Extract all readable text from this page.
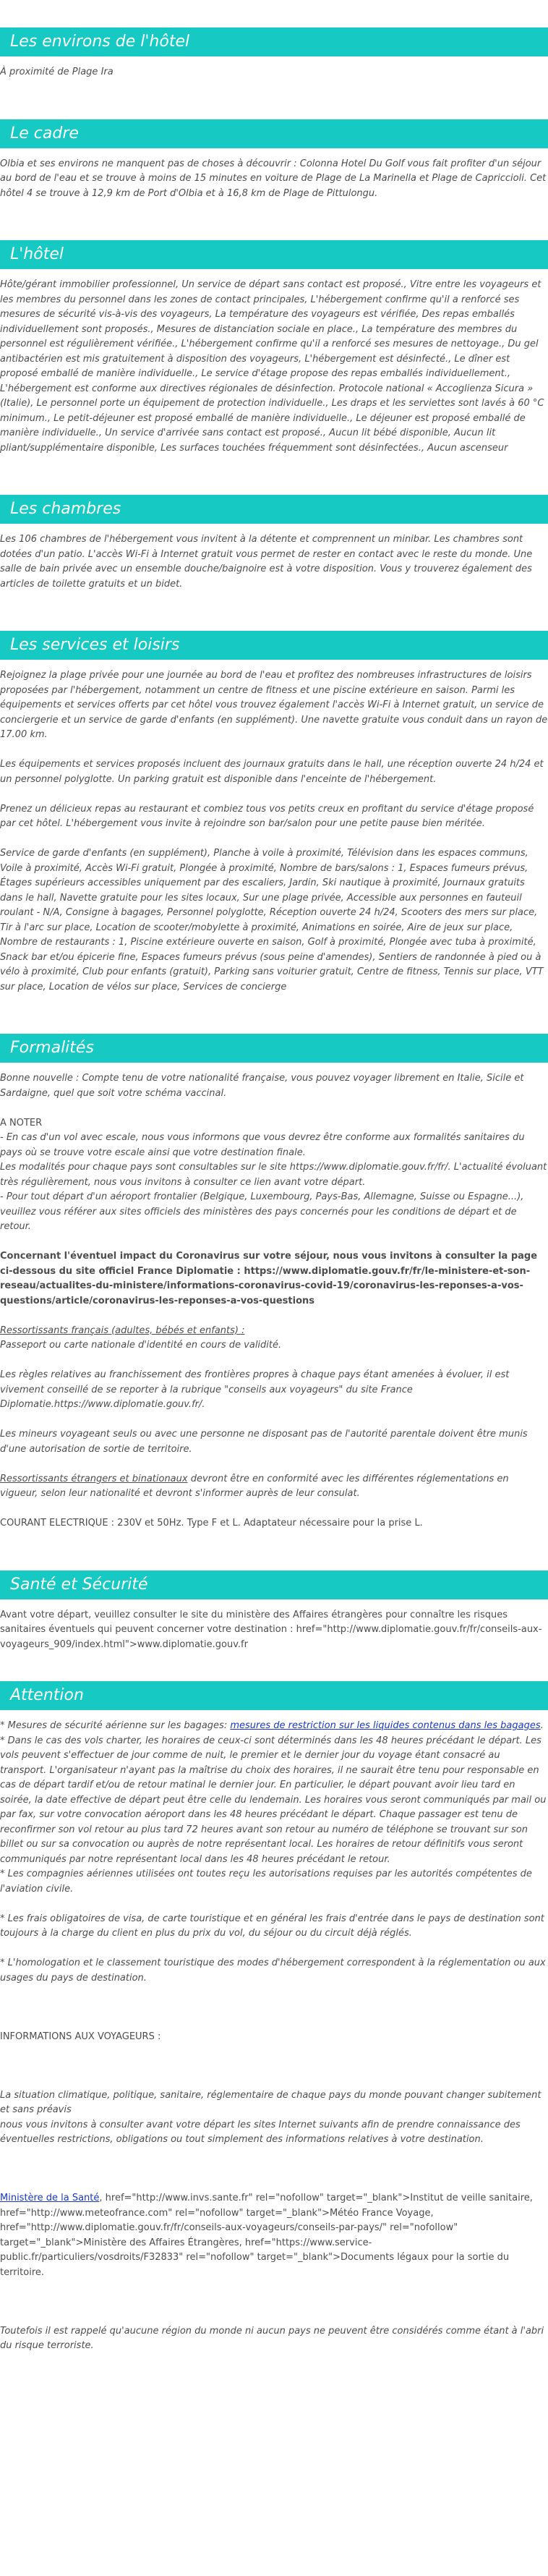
Les environs de l'hôtel

À proximité de Plage Ira

Le cadre

Olbia et ses environs ne manquent pas de choses à découvrir : Colonna Hotel Du Golf vous fait profiter d'un séjour au bord de l'eau et se trouve à moins de 15 minutes en voiture de Plage de La Marinella et Plage de Capriccioli. Cet hôtel 4 se trouve à 12,9 km de Port d'Olbia et à 16,8 km de Plage de Pittulongu.

L'hôtel

Hôte/gérant immobilier professionnel, Un service de départ sans contact est proposé., Vitre entre les voyageurs et les membres du personnel dans les zones de contact principales, L'hébergement confirme qu'il a renforcé ses mesures de sécurité vis-à-vis des voyageurs, La température des voyageurs est vérifiée, Des repas emballés individuellement sont proposés., Mesures de distanciation sociale en place., La température des membres du personnel est régulièrement vérifiée., L'hébergement confirme qu'il a renforcé ses mesures de nettoyage., Du gel antibactérien est mis gratuitement à disposition des voyageurs, L'hébergement est désinfecté., Le dîner est proposé emballé de manière individuelle., Le service d'étage propose des repas emballés individuellement., L'hébergement est conforme aux directives régionales de désinfection. Protocole national « Accoglienza Sicura » (Italie), Le personnel porte un équipement de protection individuelle., Les draps et les serviettes sont lavés à 60 °C minimum., Le petit-déjeuner est proposé emballé de manière individuelle., Le déjeuner est proposé emballé de manière individuelle., Un service d'arrivée sans contact est proposé., Aucun lit bébé disponible, Aucun lit pliant/supplémentaire disponible, Les surfaces touchées fréquemment sont désinfectées., Aucun ascenseur

Les chambres

Les 106 chambres de l'hébergement vous invitent à la détente et comprennent un minibar. Les chambres sont dotées d'un patio. L'accès Wi-Fi à Internet gratuit vous permet de rester en contact avec le reste du monde. Une salle de bain privée avec un ensemble douche/baignoire est à votre disposition. Vous y trouverez également des articles de toilette gratuits et un bidet.

Les services et loisirs

Rejoignez la plage privée pour une journée au bord de l'eau et profitez des nombreuses infrastructures de loisirs proposées par l'hébergement, notamment un centre de fitness et une piscine extérieure en saison. Parmi les équipements et services offerts par cet hôtel vous trouvez également l'accès Wi-Fi à Internet gratuit, un service de conciergerie et un service de garde d'enfants (en supplément). Une navette gratuite vous conduit dans un rayon de 17.00 km.

Les équipements et services proposés incluent des journaux gratuits dans le hall, une réception ouverte 24 h/24 et un personnel polyglotte. Un parking gratuit est disponible dans l'enceinte de l'hébergement.

Prenez un délicieux repas au restaurant et combiez tous vos petits creux en profitant du service d'étage proposé par cet hôtel. L'hébergement vous invite à rejoindre son bar/salon pour une petite pause bien méritée.

Service de garde d'enfants (en supplément), Planche à voile à proximité, Télévision dans les espaces communs, Voile à proximité, Accès Wi-Fi gratuit, Plongée à proximité, Nombre de bars/salons : 1, Espaces fumeurs prévus, Étages supérieurs accessibles uniquement par des escaliers, Jardin, Ski nautique à proximité, Journaux gratuits dans le hall, Navette gratuite pour les sites locaux, Sur une plage privée, Accessible aux personnes en fauteuil roulant - N/A, Consigne à bagages, Personnel polyglotte, Réception ouverte 24 h/24, Scooters des mers sur place, Tir à l'arc sur place, Location de scooter/mobylette à proximité, Animations en soirée, Aire de jeux sur place, Nombre de restaurants : 1, Piscine extérieure ouverte en saison, Golf à proximité, Plongée avec tuba à proximité, Snack bar et/ou épicerie fine, Espaces fumeurs prévus (sous peine d'amendes), Sentiers de randonnée à pied ou à vélo à proximité, Club pour enfants (gratuit), Parking sans voiturier gratuit, Centre de fitness, Tennis sur place, VTT sur place, Location de vélos sur place, Services de concierge

Formalités

Bonne nouvelle : Compte tenu de votre nationalité française, vous pouvez voyager librement en Italie, Sicile et Sardaigne, quel que soit votre schéma vaccinal.

A NOTER

- En cas d'un vol avec escale, nous vous informons que vous devrez être conforme aux formalités sanitaires du pays où se trouve votre escale ainsi que votre destination finale.

Les modalités pour chaque pays sont consultables sur le site https://www.diplomatie.gouv.fr/fr/. L'actualité évoluant très régulièrement, nous vous invitons à consulter ce lien avant votre départ.

- Pour tout départ d'un aéroport frontalier (Belgique, Luxembourg, Pays-Bas, Allemagne, Suisse ou Espagne...), veuillez vous référer aux sites officiels des ministères des pays concernés pour les conditions de départ et de retour.

Concernant l'éventuel impact du Coronavirus sur votre séjour, nous vous invitons à consulter la page ci-dessous du site officiel France Diplomatie : https://www.diplomatie.gouv.fr/fr/le-ministere-et-son-reseau/actualites-du-ministere/informations-coronavirus-covid-19/coronavirus-les-reponses-a-vos-questions/article/coronavirus-les-reponses-a-vos-questions

Ressortissants français (adultes, bébés et enfants) :

Passeport ou carte nationale d'identité en cours de validité.

Les règles relatives au franchissement des frontières propres à chaque pays étant amenées à évoluer, il est vivement conseillé de se reporter à la rubrique "conseils aux voyageurs" du site France Diplomatie.https://www.diplomatie.gouv.fr/.

Les mineurs voyageant seuls ou avec une personne ne disposant pas de l'autorité parentale doivent être munis d'une autorisation de sortie de territoire.

Ressortissants étrangers et binationaux devront être en conformité avec les différentes réglementations en vigueur, selon leur nationalité et devront s'informer auprès de leur consulat.

COURANT ELECTRIQUE : 230V et 50Hz. Type F et L. Adaptateur nécessaire pour la prise L.

Santé et Sécurité

Avant votre départ, veuillez consulter le site du ministère des Affaires étrangères pour connaître les risques sanitaires éventuels qui peuvent concerner votre destination : href="http://www.diplomatie.gouv.fr/fr/conseils-aux-voyageurs_909/index.html">www.diplomatie.gouv.fr

Attention

* Mesures de sécurité aérienne sur les bagages: mesures de restriction sur les liquides contenus dans les bagages.

* Dans le cas des vols charter, les horaires de ceux-ci sont déterminés dans les 48 heures précédant le départ. Les vols peuvent s'effectuer de jour comme de nuit, le premier et le dernier jour du voyage étant consacré au transport. L'organisateur n'ayant pas la maîtrise du choix des horaires, il ne saurait être tenu pour responsable en cas de départ tardif et/ou de retour matinal le dernier jour. En particulier, le départ pouvant avoir lieu tard en soirée, la date effective de départ peut être celle du lendemain. Les horaires vous seront communiqués par mail ou par fax, sur votre convocation aéroport dans les 48 heures précédant le départ. Chaque passager est tenu de reconfirmer son vol retour au plus tard 72 heures avant son retour au numéro de téléphone se trouvant sur son billet ou sur sa convocation ou auprès de notre représentant local. Les horaires de retour définitifs vous seront communiqués par notre représentant local dans les 48 heures précédant le retour.

* Les compagnies aériennes utilisées ont toutes reçu les autorisations requises par les autorités compétentes de l'aviation civile.

* Les frais obligatoires de visa, de carte touristique et en général les frais d'entrée dans le pays de destination sont toujours à la charge du client en plus du prix du vol, du séjour ou du circuit déjà réglés.

* L'homologation et le classement touristique des modes d'hébergement correspondent à la réglementation ou aux usages du pays de destination.

INFORMATIONS AUX VOYAGEURS :

La situation climatique, politique, sanitaire, réglementaire de chaque pays du monde pouvant changer subitement et sans préavis

nous vous invitons à consulter avant votre départ les sites Internet suivants afin de prendre connaissance des éventuelles restrictions, obligations ou tout simplement des informations relatives à votre destination.

Ministère de la Santé, href="http://www.invs.sante.fr" rel="nofollow" target="_blank">Institut de veille sanitaire, href="http://www.meteofrance.com" rel="nofollow" target="_blank">Météo France Voyage, href="http://www.diplomatie.gouv.fr/fr/conseils-aux-voyageurs/conseils-par-pays/" rel="nofollow" target="_blank">Ministère des Affaires Étrangères, href="https://www.service-public.fr/particuliers/vosdroits/F32833" rel="nofollow" target="_blank">Documents légaux pour la sortie du territoire.

Toutefois il est rappelé qu'aucune région du monde ni aucun pays ne peuvent être considérés comme étant à l'abri du risque terroriste.
